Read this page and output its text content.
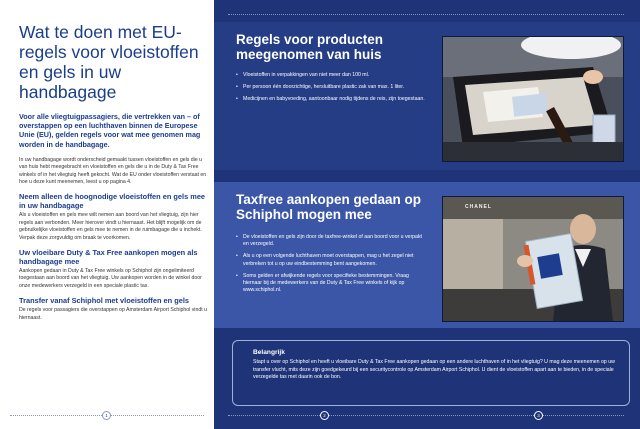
Wat te doen met EU-regels voor vloeistoffen en gels in uw handbagage

Voor alle vliegtuigpassagiers, die vertrekken van – of overstappen op een luchthaven binnen de Europese Unie (EU), gelden regels voor wat mee genomen mag worden in de handbagage.

In uw handbagage wordt onderscheid gemaakt tussen vloeistoffen en gels die u van huis hebt meegebracht en vloeistoffen en gels die u in de Duty & Tax Free winkels of in het vliegtuig heeft gekocht. Wat de EU onder vloeistoffen verstaat en hoe u deze kunt meenemen, leest u op pagina 4.

Neem alleen de hoognodige vloeistoffen en gels mee in uw handbagage

Als u vloeistoffen en gels mee wilt nemen aan boord van het vliegtuig, zijn hier regels aan verbonden. Meer hierover vindt u hiernaast. Het blijft mogelijk om de gebruikelijke vloeistoffen en gels mee te nemen in de ruimbagage die u inchekt. Verpak deze zorgvuldig om braak te voorkomen.

Uw vloeibare Duty & Tax Free aankopen mogen als handbagage mee

Aankopen gedaan in Duty & Tax Free winkels op Schiphol zijn ongelimiteerd toegestaan aan boord van het vliegtuig. Uw aankopen worden in de winkel door onze medewerkers verzegeld in een speciale plastic tas.

Transfer vanaf Schiphol met vloeistoffen en gels

De regels voor passagiers die overstappen op Amsterdam Airport Schiphol vindt u hiernaast.

Regels voor producten meegenomen van huis
• Vloeistoffen in verpakkingen van niet meer dan 100 ml.
• Per persoon één doorzichtige, hersluitbare plastic zak van max. 1 liter.
• Medicijnen en babyvoeding, aantoonbaar nodig tijdens de reis, zijn toegestaan.
Taxfree aankopen gedaan op Schiphol mogen mee
• De vloeistoffen en gels zijn door de taxfree-winkel of aan boord voor u verpakt en verzegeld.
• Als u op een volgende luchthaven moet overstappen, mag u het zegel niet verbreken tot u op uw eindbestemming bent aangekomen.
• Soms gelden er afwijkende regels voor specifieke bestemmingen. Vraag hiernaar bij de medewerkers van de Duty & Tax Free winkels of kijk op www.schiphol.nl.
CHANEL

Belangrijk

Stapt u over op Schiphol en heeft u vloeibare Duty & Tax Free aankopen gedaan op een andere luchthaven of in het vliegtuig? U mag deze meenemen op uw transfer vlucht, mits deze zijn goedgekeurd bij een securitycontrole op Amsterdam Airport Schiphol. U dient de vloeistoffen apart aan te bieden, in de speciale verzegelde tas met daarin ook de bon.

1	2	3
